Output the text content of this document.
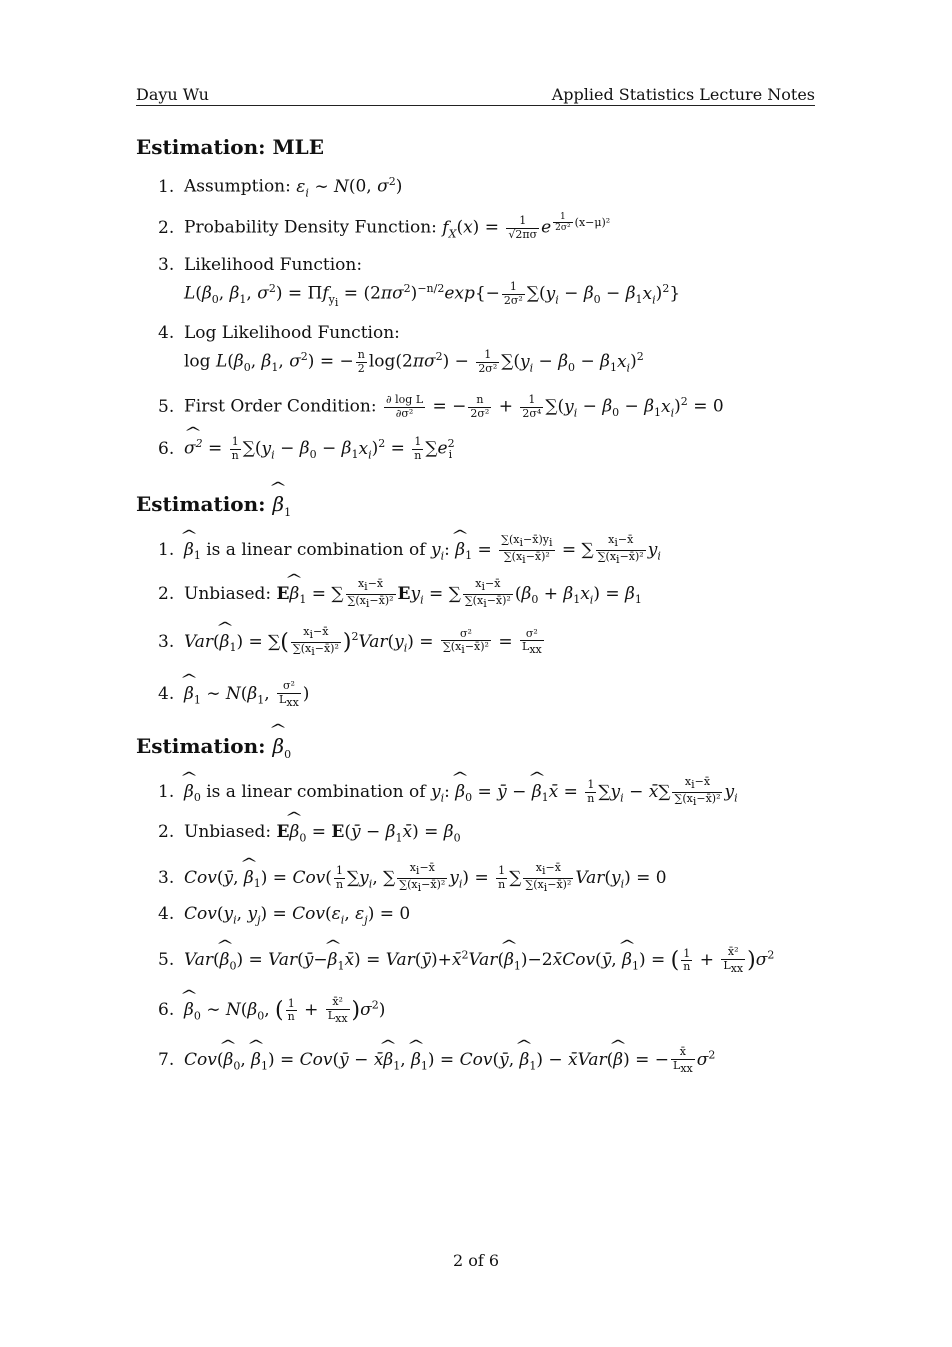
Dayu Wu	Applied Statistics Lecture Notes
Estimation: MLE
1. Assumption: $\varepsilon_i$ ∼ N(0, $\sigma^2$)
2. Probability Density Function: $f_X(x) = \frac{1}{√2\pi\sigma}$ e $^{\frac{1}{\text{2σ²}} (x-\mu)^2}$
3. Likelihood Function:
$L(\beta_0$, $\beta_1$, $\sigma^2) = \Pi f_{y_i} = (2\pi\sigma^2)^{-n/2}\exp\{- \frac{1}{\text{2σ²}} \sum(y_i - \beta_0 - \beta_1x_i)^2\}$
4. Log Likelihood Function:
$\log L(\beta_0$, $\beta_1$, $\sigma^2$) = − $\frac{n}{2} \log(2\pi\sigma^2) - \frac{1}{\text{2σ²}} \sum(y_i - \beta_0 - \beta_1x_i)^2$
5. First Order Condition: $\frac{\text{∂ log L}}{\text{∂σ²}}$ = − $\frac{n}{\text{2σ²}} + \frac{1}{\text{2σ⁴}} \sum(y_i - \beta_0 - \beta_1x_i)^2 = 0$
6. ^ $\sigma^2 = \frac{1}{n} \sum(y_i - \beta_0 - \beta_1x_i)^2 = \frac{1}{n} \sum e^2_i$
Estimation: ^ $\beta_1$
1. ^ $\beta_1$ is a linear combination of $y_i$: ^ $\beta_1 = \frac{\sum(x_i-x̄)y_i}{\sum(x_i-x̄)^2}$ = ∑ $\frac{x_i-x̄}{\sum(x_i-x̄)^2} y_i$
2. Unbiased: E^ $\beta_1$ = ∑ $\frac{x_i-x̄}{\sum(x_i-x̄)^2} Ey_i$ = ∑ $\frac{x_i-x̄}{\sum(x_i-x̄)^2} (\beta_0 + \beta_1x_i) = \beta_1$
3. Var(^ $\beta_1$) = ∑( $\frac{x_i-x̄}{\sum(x_i-x̄)^2} )^2Var(y_i) = \frac{\text{σ²}}{\sum(x_i-x̄)^2} = \frac{\text{σ²}}{L_{xx}}$
4. ^ $\beta_1$ ∼ $N(\beta_1$, $\frac{\text{σ²}}{L_{xx}}$ )
Estimation: ^ $\beta_0$
1. ^ $\beta_0$ is a linear combination of $y_i$: ^ $\beta_0$ = ȳ − ^ $\beta_1x̄ = \frac{1}{n} \sum y_i$ − x̄∑ $\frac{x_i-x̄}{\sum(x_i-x̄)^2} y_i$
2. Unbiased: E^ $\beta_0$ = E(ȳ − $\beta_1x̄) = \beta_0$
3. Cov(ȳ, ^ $\beta_1) = Cov( \frac{1}{n} \sum y_i$, ∑ $\frac{x_i-x̄}{\sum(x_i-x̄)^2} y_i) = \frac{1}{n}$ ∑ $\frac{x_i-x̄}{\sum(x_i-x̄)^2} Var(y_i) = 0$
4. $Cov(y_i$, $y_j) = Cov(\varepsilon_i$, $\varepsilon_j) = 0$
5. Var(^ $\beta_0$) = Var(ȳ−^ $\beta_1x̄$) = Var(ȳ)+x̄$^2$Var(^ $\beta_1)-2x̄Cov(ȳ$, ^ $\beta_1$) = ( $\frac{1}{n} + \frac{\text{x̄²}}{L_{xx}} )\sigma^2$
6. ^ $\beta_0$ ∼ $N(\beta_0$, ( $\frac{1}{n} + \frac{\text{x̄²}}{L_{xx}} )\sigma^2$)
7. Cov(^ $\beta_0$, ^ $\beta_1$) = Cov(ȳ − x̄^ $\beta_1$, ^ $\beta_1$) = Cov(ȳ, ^ $\beta_1$) − x̄Var(^ β) = − $\frac{x̄}{L_{xx}} \sigma^2$
2 of 6
